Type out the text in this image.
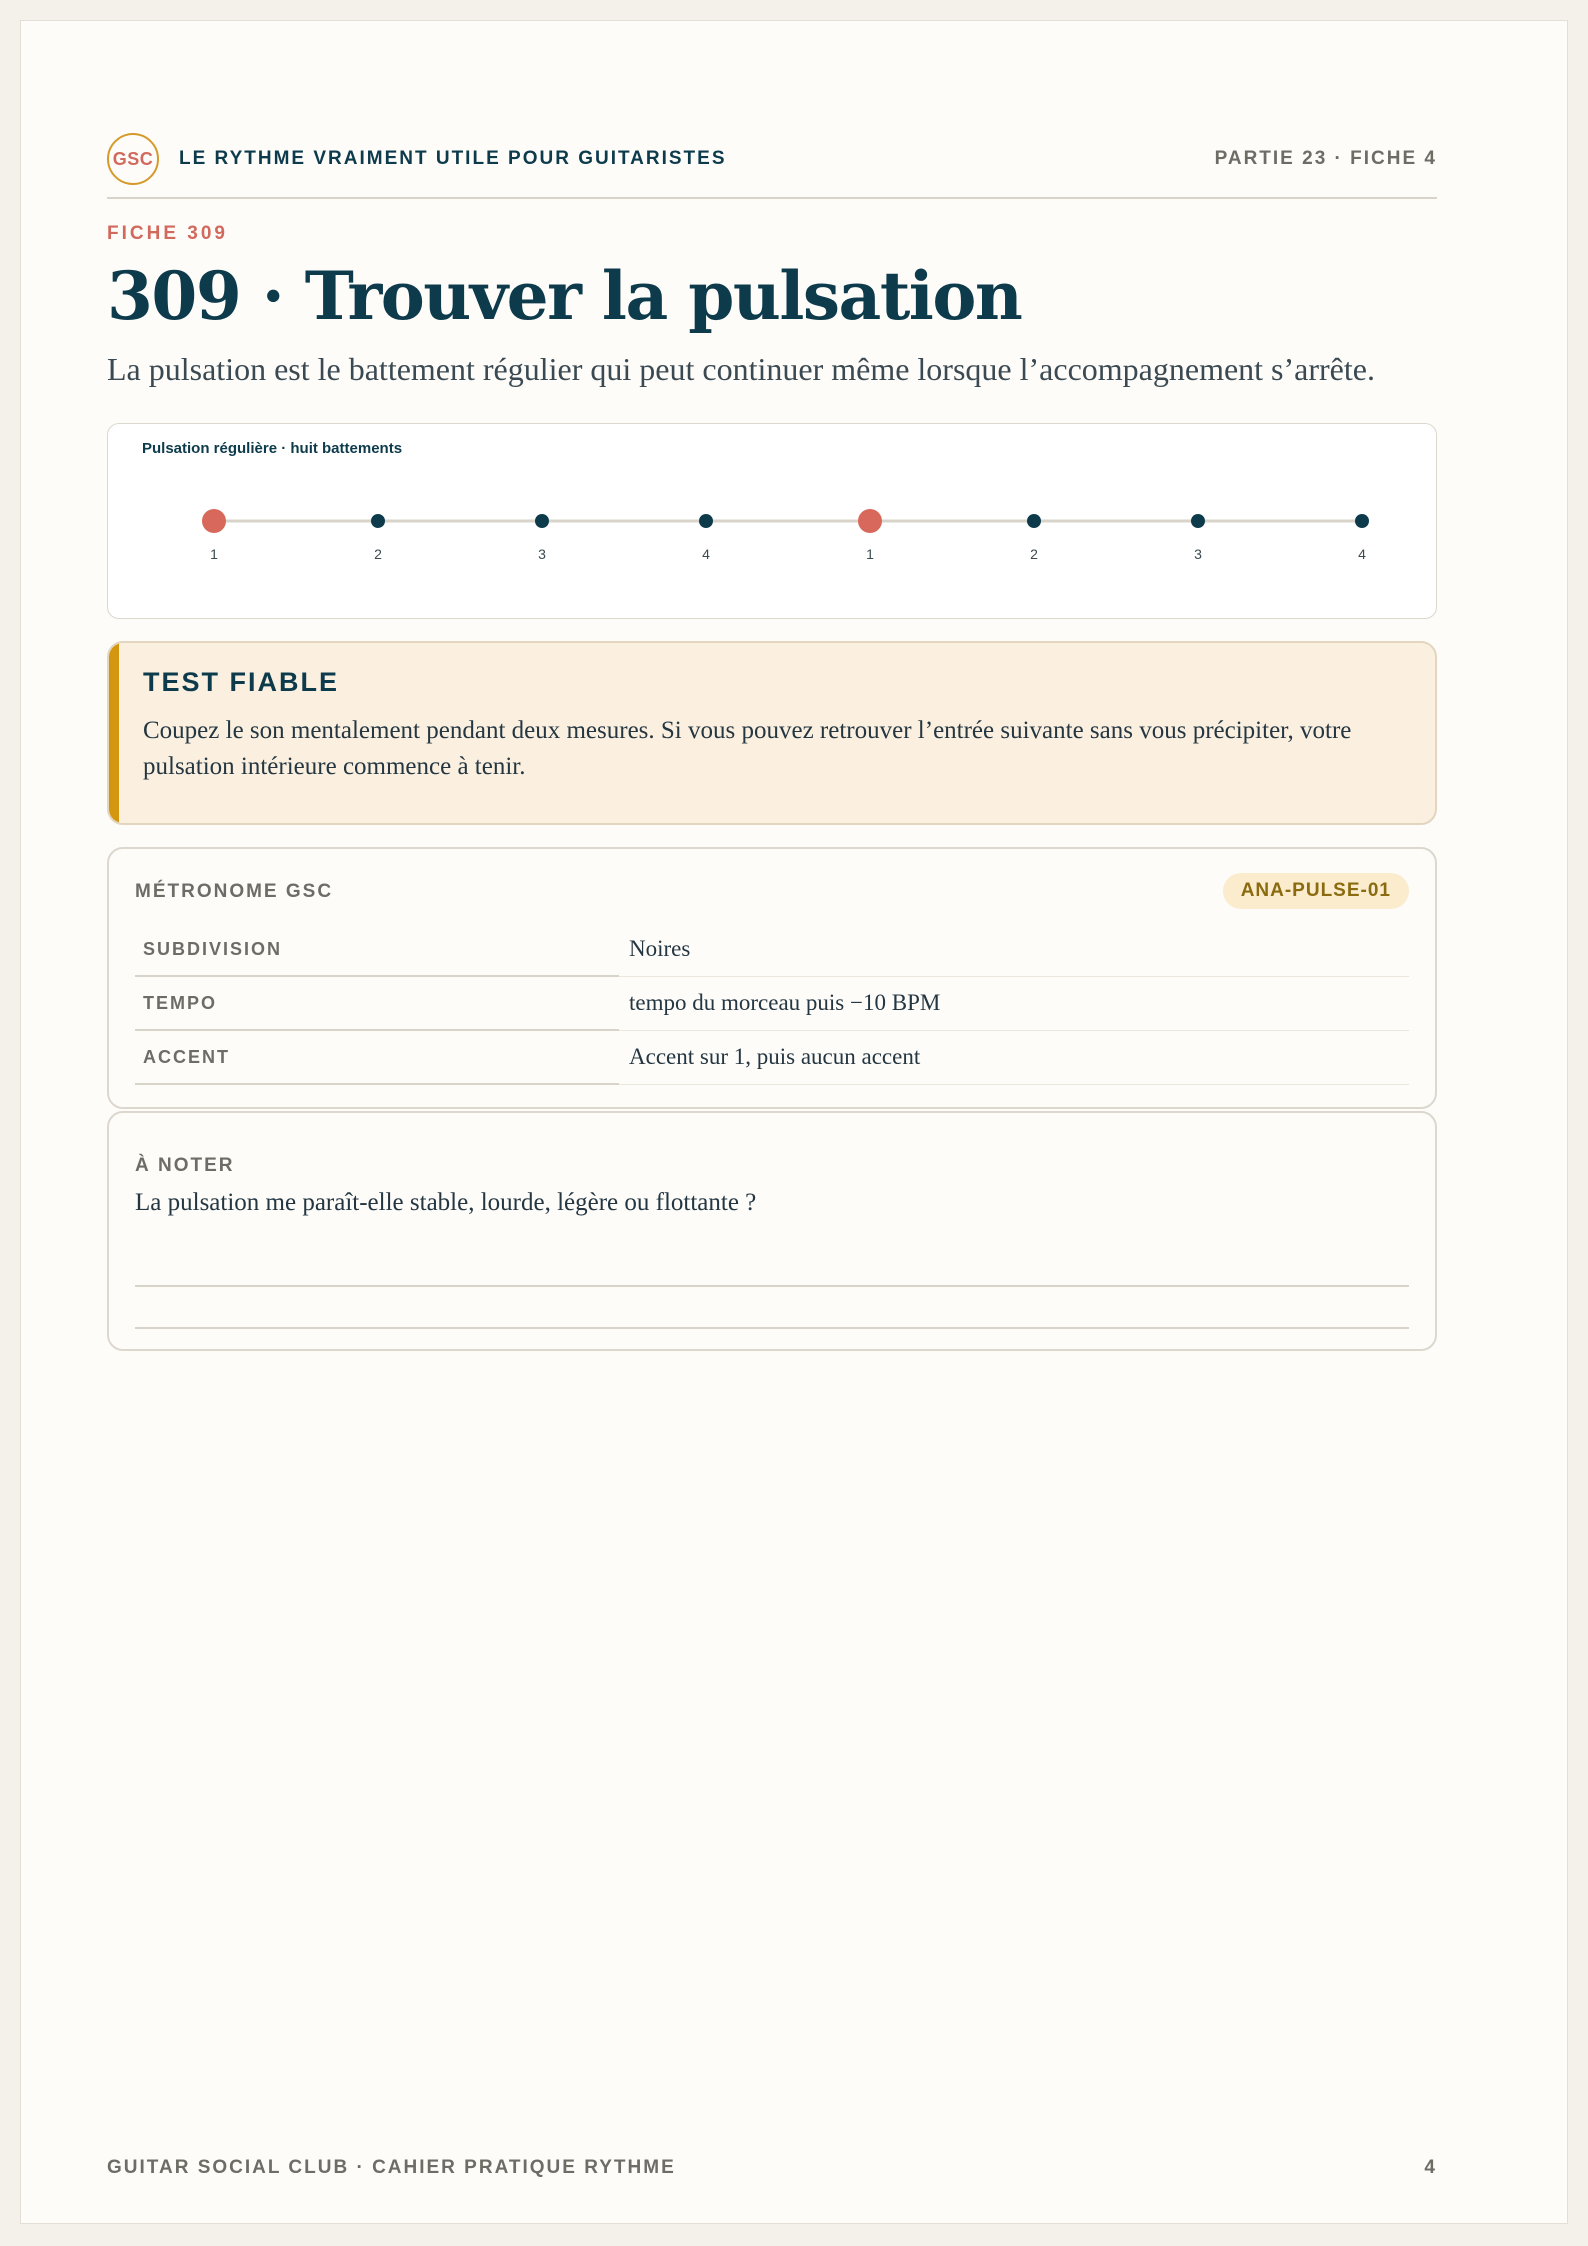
GSC	LE RYTHME VRAIMENT UTILE POUR GUITARISTES	PARTIE 23 · FICHE 4
FICHE 309
309 · Trouver la pulsation
La pulsation est le battement régulier qui peut continuer même lorsque l’accompagnement s’arrête.
Pulsation régulière · huit battements
1	2	3	4	1	2	3	4
TEST FIABLE
Coupez le son mentalement pendant deux mesures. Si vous pouvez retrouver l’entrée suivante sans vous précipiter, votre pulsation intérieure commence à tenir.
MÉTRONOME GSC	ANA-PULSE-01
SUBDIVISION	Noires
TEMPO	tempo du morceau puis −10 BPM
ACCENT	Accent sur 1, puis aucun accent
À NOTER
La pulsation me paraît-elle stable, lourde, légère ou flottante ?
GUITAR SOCIAL CLUB · CAHIER PRATIQUE RYTHME	4
